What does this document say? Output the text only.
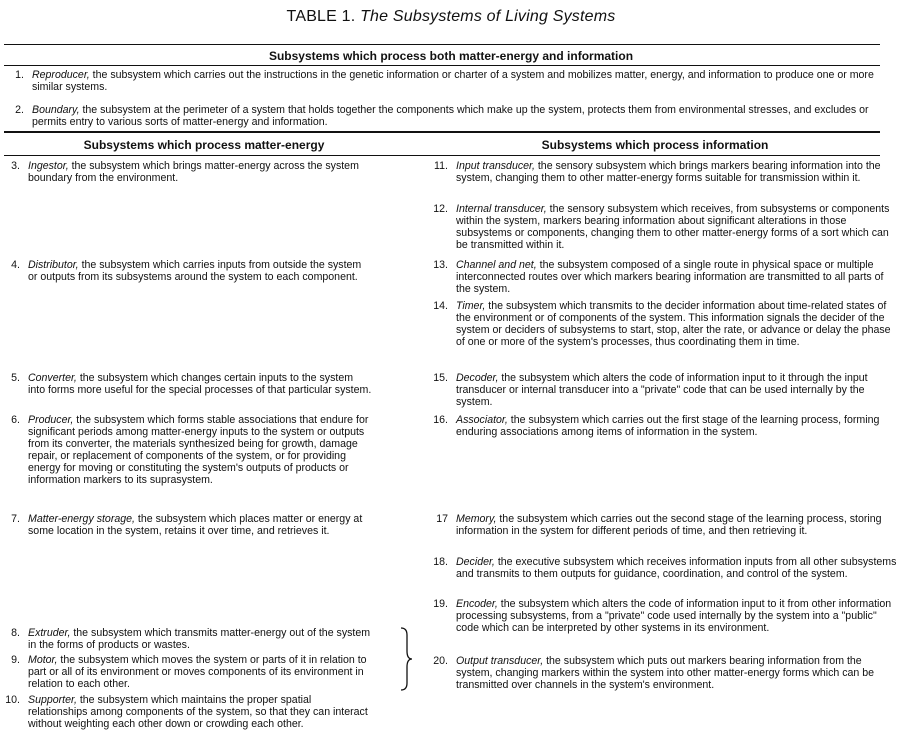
TABLE 1. The Subsystems of Living Systems
Subsystems which process both matter-energy and information
1. Reproducer, the subsystem which carries out the instructions in the genetic information or charter of a system and mobilizes matter, energy, and information to produce one or more similar systems.
2. Boundary, the subsystem at the perimeter of a system that holds together the components which make up the system, protects them from environmental stresses, and excludes or permits entry to various sorts of matter-energy and information.
Subsystems which process matter-energy	Subsystems which process information
3. Ingestor, the subsystem which brings matter-energy across the system boundary from the environment.
4. Distributor, the subsystem which carries inputs from outside the system or outputs from its subsystems around the system to each component.
5. Converter, the subsystem which changes certain inputs to the system into forms more useful for the special processes of that particular system.
6. Producer, the subsystem which forms stable associations that endure for significant periods among matter-energy inputs to the system or outputs from its converter, the materials synthesized being for growth, damage repair, or replacement of components of the system, or for providing energy for moving or constituting the system's outputs of products or information markers to its suprasystem.
7. Matter-energy storage, the subsystem which places matter or energy at some location in the system, retains it over time, and retrieves it.
8. Extruder, the subsystem which transmits matter-energy out of the system in the forms of products or wastes.
9. Motor, the subsystem which moves the system or parts of it in relation to part or all of its environment or moves components of its environment in relation to each other.
10. Supporter, the subsystem which maintains the proper spatial relationships among components of the system, so that they can interact without weighting each other down or crowding each other.
11. Input transducer, the sensory subsystem which brings markers bearing information into the system, changing them to other matter-energy forms suitable for transmission within it.
12. Internal transducer, the sensory subsystem which receives, from subsystems or components within the system, markers bearing information about significant alterations in those subsystems or components, changing them to other matter-energy forms of a sort which can be transmitted within it.
13. Channel and net, the subsystem composed of a single route in physical space or multiple interconnected routes over which markers bearing information are transmitted to all parts of the system.
14. Timer, the subsystem which transmits to the decider information about time-related states of the environment or of components of the system. This information signals the decider of the system or deciders of subsystems to start, stop, alter the rate, or advance or delay the phase of one or more of the system's processes, thus coordinating them in time.
15. Decoder, the subsystem which alters the code of information input to it through the input transducer or internal transducer into a "private" code that can be used internally by the system.
16. Associator, the subsystem which carries out the first stage of the learning process, forming enduring associations among items of information in the system.
17 Memory, the subsystem which carries out the second stage of the learning process, storing information in the system for different periods of time, and then retrieving it.
18. Decider, the executive subsystem which receives information inputs from all other subsystems and transmits to them outputs for guidance, coordination, and control of the system.
19. Encoder, the subsystem which alters the code of information input to it from other information processing subsystems, from a "private" code used internally by the system into a "public" code which can be interpreted by other systems in its environment.
20. Output transducer, the subsystem which puts out markers bearing information from the system, changing markers within the system into other matter-energy forms which can be transmitted over channels in the system's environment.
